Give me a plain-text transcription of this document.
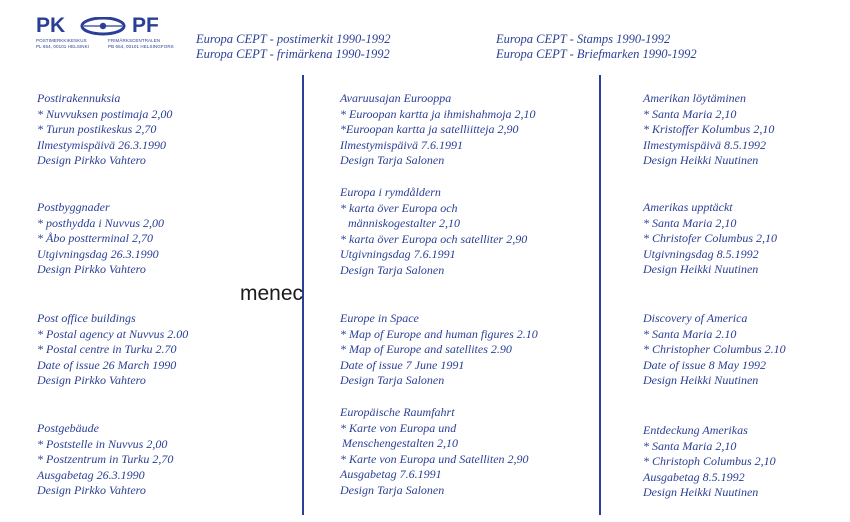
PK	PF
POSTIMERKKIKESKUS	FRIMÄRKSCENTRALEN
PL 654, 00101 HELSINKI	PB 654, 00101 HELSINGFORS
Europa CEPT - postimerkit 1990-1992
Europa CEPT - frimärkena 1990-1992
Europa CEPT - Stamps 1990-1992
Europa CEPT - Briefmarken 1990-1992
Postirakennuksia
* Nuvvuksen postimaja 2,00
* Turun postikeskus 2,70
Ilmestymispäivä 26.3.1990
Design Pirkko Vahtero
Postbyggnader
* posthydda i Nuvvus 2,00
* Åbo postterminal 2,70
Utgivningsdag 26.3.1990
Design Pirkko Vahtero
Post office buildings
* Postal agency at Nuvvus 2.00
* Postal centre in Turku 2.70
Date of issue 26 March 1990
Design Pirkko Vahtero
Postgebäude
* Poststelle in Nuvvus 2,00
* Postzentrum in Turku 2,70
Ausgabetag 26.3.1990
Design Pirkko Vahtero
Avaruusajan Eurooppa
* Euroopan kartta ja ihmishahmoja 2,10
*Euroopan kartta ja satelliitteja 2,90
Ilmestymispäivä 7.6.1991
Design Tarja Salonen
Europa i rymdåldern
* karta över Europa och
människogestalter 2,10
* karta över Europa och satelliter 2,90
Utgivningsdag 7.6.1991
Design Tarja Salonen
Europe in Space
* Map of Europe and human figures 2.10
* Map of Europe and satellites 2.90
Date of issue 7 June 1991
Design Tarja Salonen
Europäische Raumfahrt
* Karte von Europa und
Menschengestalten 2,10
* Karte von Europa und Satelliten 2,90
Ausgabetag 7.6.1991
Design Tarja Salonen
Amerikan löytäminen
* Santa Maria 2,10
* Kristoffer Kolumbus 2,10
Ilmestymispäivä 8.5.1992
Design Heikki Nuutinen
Amerikas upptäckt
* Santa Maria 2,10
* Christofer Columbus 2,10
Utgivningsdag 8.5.1992
Design Heikki Nuutinen
Discovery of America
* Santa Maria 2.10
* Christopher Columbus 2.10
Date of issue 8 May 1992
Design Heikki Nuutinen
Entdeckung Amerikas
* Santa Maria 2,10
* Christoph Columbus 2,10
Ausgabetag 8.5.1992
Design Heikki Nuutinen
menec
